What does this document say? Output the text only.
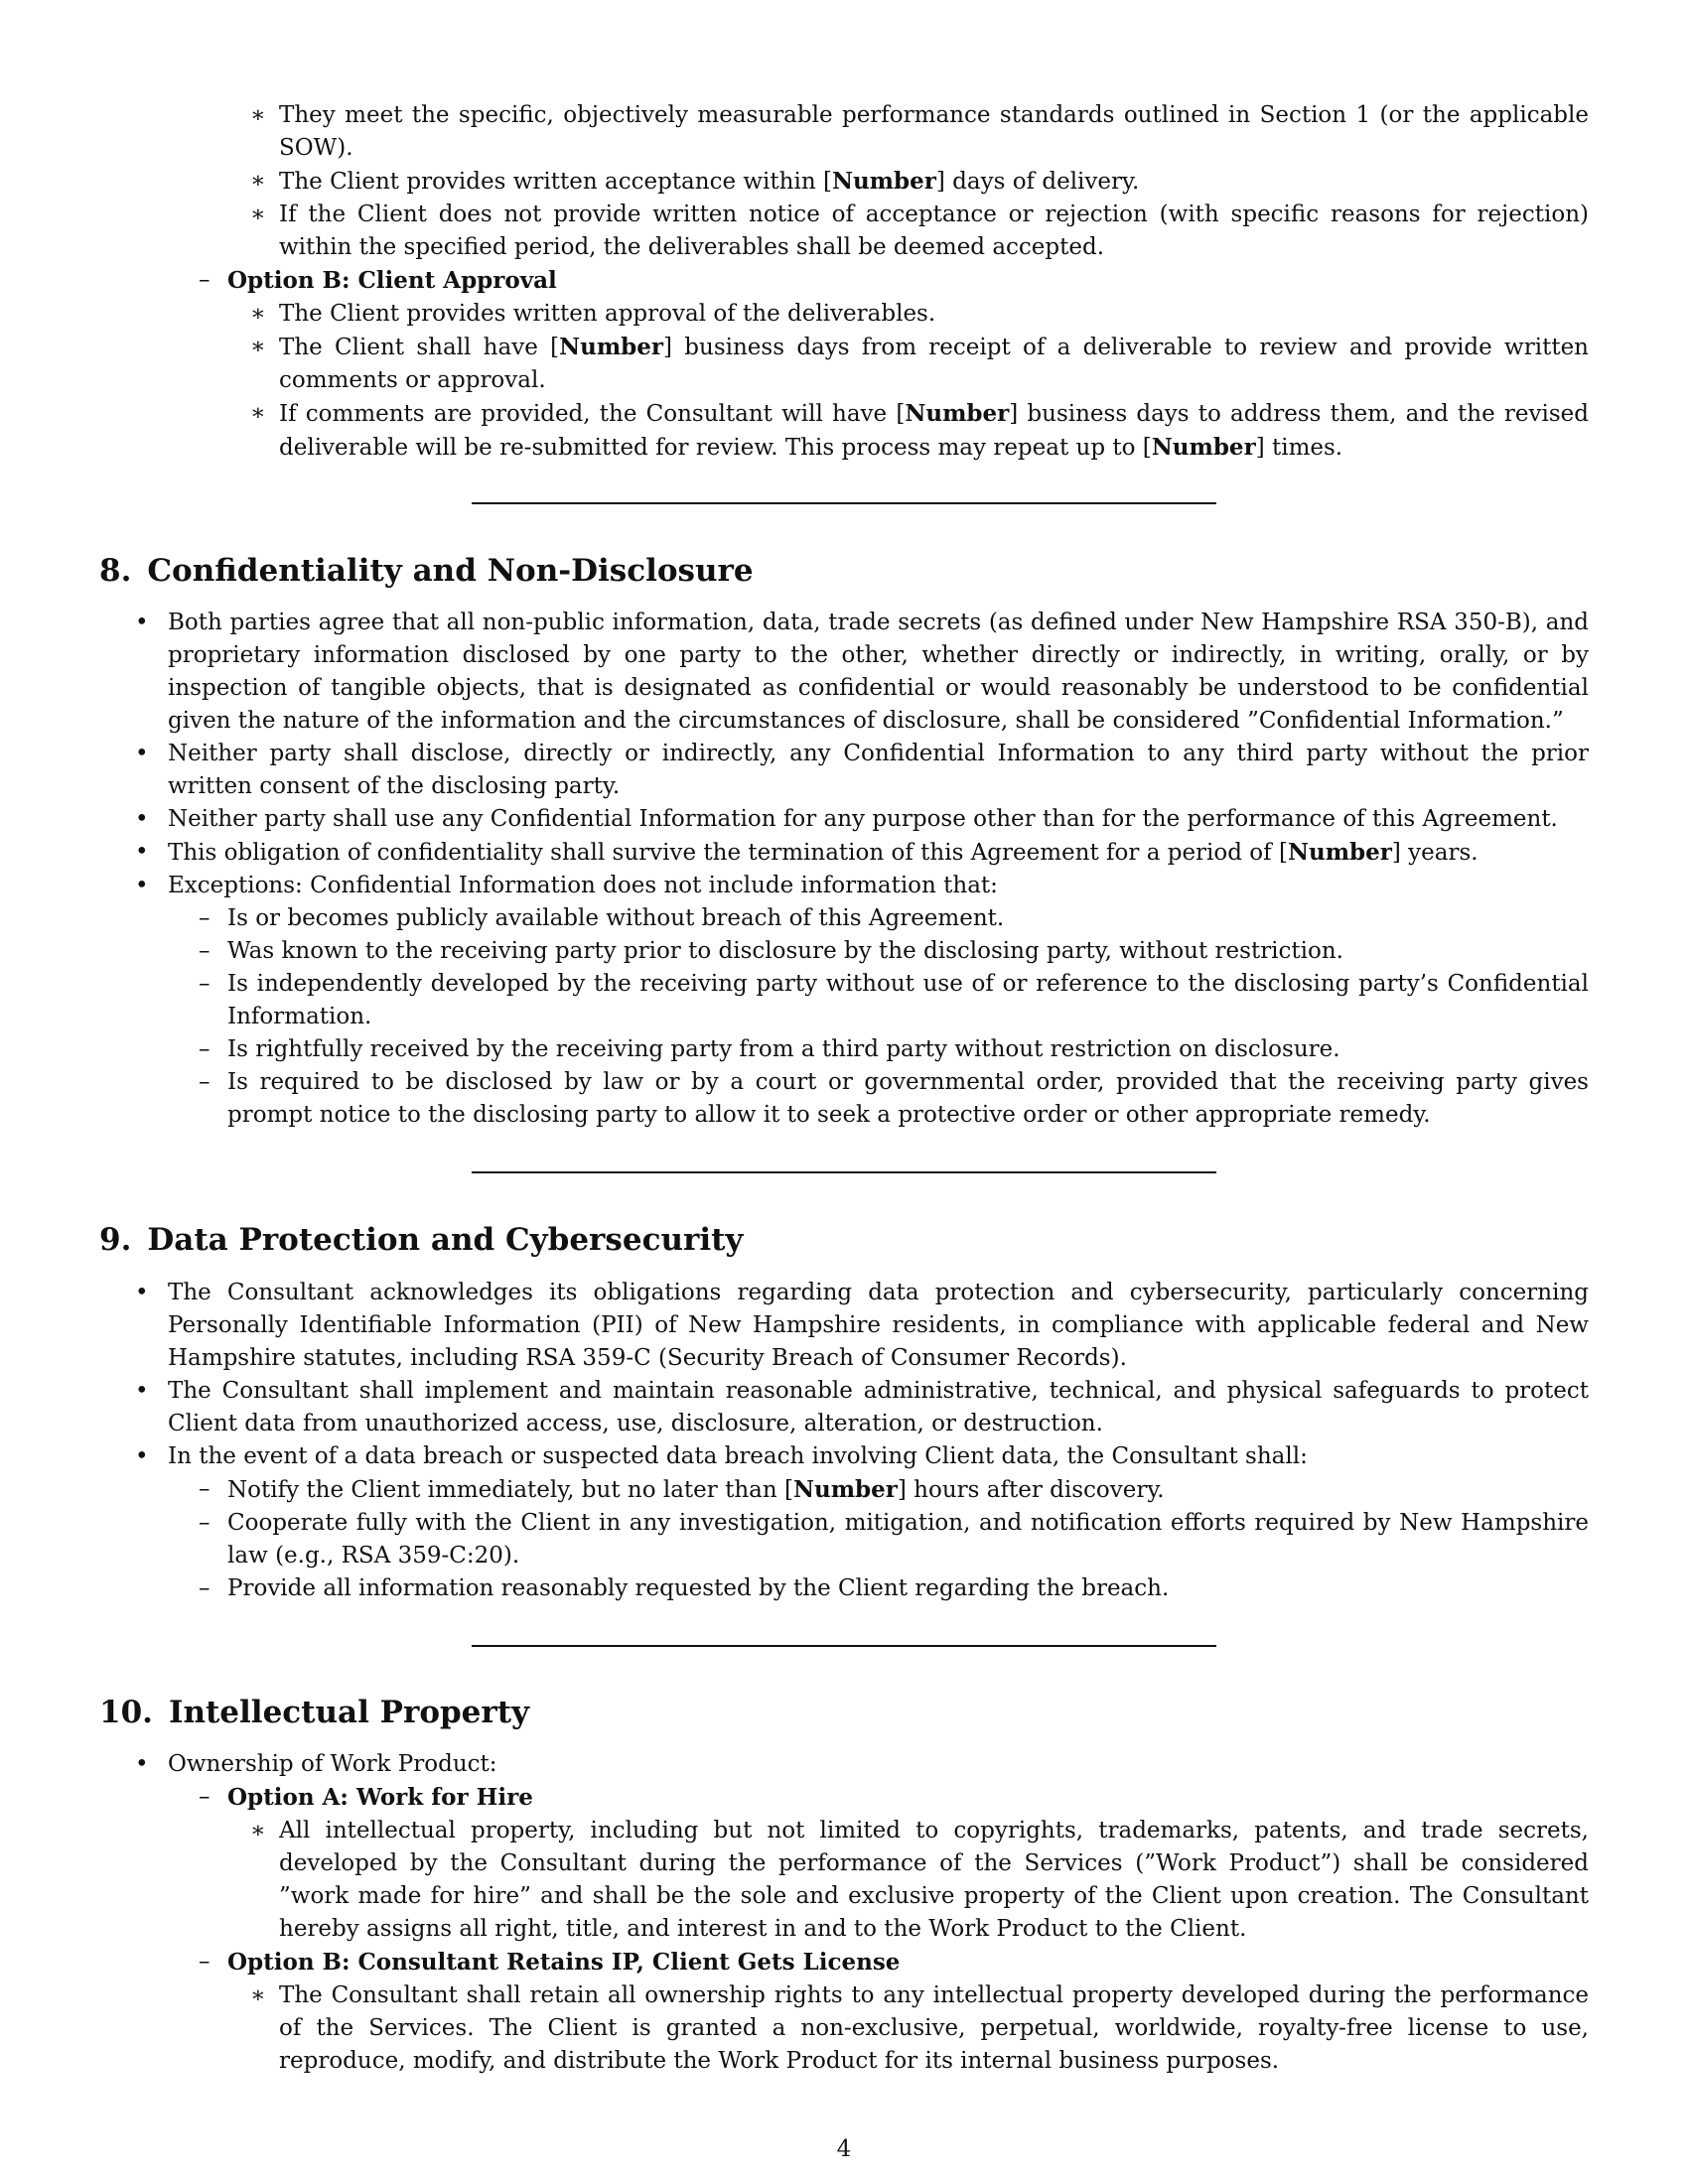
∗ They meet the specific, objectively measurable performance standards outlined in Section 1 (or the applicable SOW).
∗ The Client provides written acceptance within [Number] days of delivery.
∗ If the Client does not provide written notice of acceptance or rejection (with specific reasons for rejection) within the specified period, the deliverables shall be deemed accepted.
– Option B: Client Approval
∗ The Client provides written approval of the deliverables.
∗ The Client shall have [Number] business days from receipt of a deliverable to review and provide written comments or approval.
∗ If comments are provided, the Consultant will have [Number] business days to address them, and the revised deliverable will be re-submitted for review. This process may repeat up to [Number] times.
8. Confidentiality and Non-Disclosure
• Both parties agree that all non-public information, data, trade secrets (as defined under New Hampshire RSA 350-B), and proprietary information disclosed by one party to the other, whether directly or indirectly, in writing, orally, or by inspection of tangible objects, that is designated as confidential or would reasonably be understood to be confidential given the nature of the information and the circumstances of disclosure, shall be considered ”Confidential Information.”
• Neither party shall disclose, directly or indirectly, any Confidential Information to any third party without the prior written consent of the disclosing party.
• Neither party shall use any Confidential Information for any purpose other than for the performance of this Agreement.
• This obligation of confidentiality shall survive the termination of this Agreement for a period of [Number] years.
• Exceptions: Confidential Information does not include information that:
– Is or becomes publicly available without breach of this Agreement.
– Was known to the receiving party prior to disclosure by the disclosing party, without restriction.
– Is independently developed by the receiving party without use of or reference to the disclosing party’s Confidential Information.
– Is rightfully received by the receiving party from a third party without restriction on disclosure.
– Is required to be disclosed by law or by a court or governmental order, provided that the receiving party gives prompt notice to the disclosing party to allow it to seek a protective order or other appropriate remedy.
9. Data Protection and Cybersecurity
• The Consultant acknowledges its obligations regarding data protection and cybersecurity, particularly concerning Personally Identifiable Information (PII) of New Hampshire residents, in compliance with applicable federal and New Hampshire statutes, including RSA 359-C (Security Breach of Consumer Records).
• The Consultant shall implement and maintain reasonable administrative, technical, and physical safeguards to protect Client data from unauthorized access, use, disclosure, alteration, or destruction.
• In the event of a data breach or suspected data breach involving Client data, the Consultant shall:
– Notify the Client immediately, but no later than [Number] hours after discovery.
– Cooperate fully with the Client in any investigation, mitigation, and notification efforts required by New Hampshire law (e.g., RSA 359-C:20).
– Provide all information reasonably requested by the Client regarding the breach.
10. Intellectual Property
• Ownership of Work Product:
– Option A: Work for Hire
∗ All intellectual property, including but not limited to copyrights, trademarks, patents, and trade secrets, developed by the Consultant during the performance of the Services (”Work Product”) shall be considered ”work made for hire” and shall be the sole and exclusive property of the Client upon creation. The Consultant hereby assigns all right, title, and interest in and to the Work Product to the Client.
– Option B: Consultant Retains IP, Client Gets License
∗ The Consultant shall retain all ownership rights to any intellectual property developed during the performance of the Services. The Client is granted a non-exclusive, perpetual, worldwide, royalty-free license to use, reproduce, modify, and distribute the Work Product for its internal business purposes.
4
